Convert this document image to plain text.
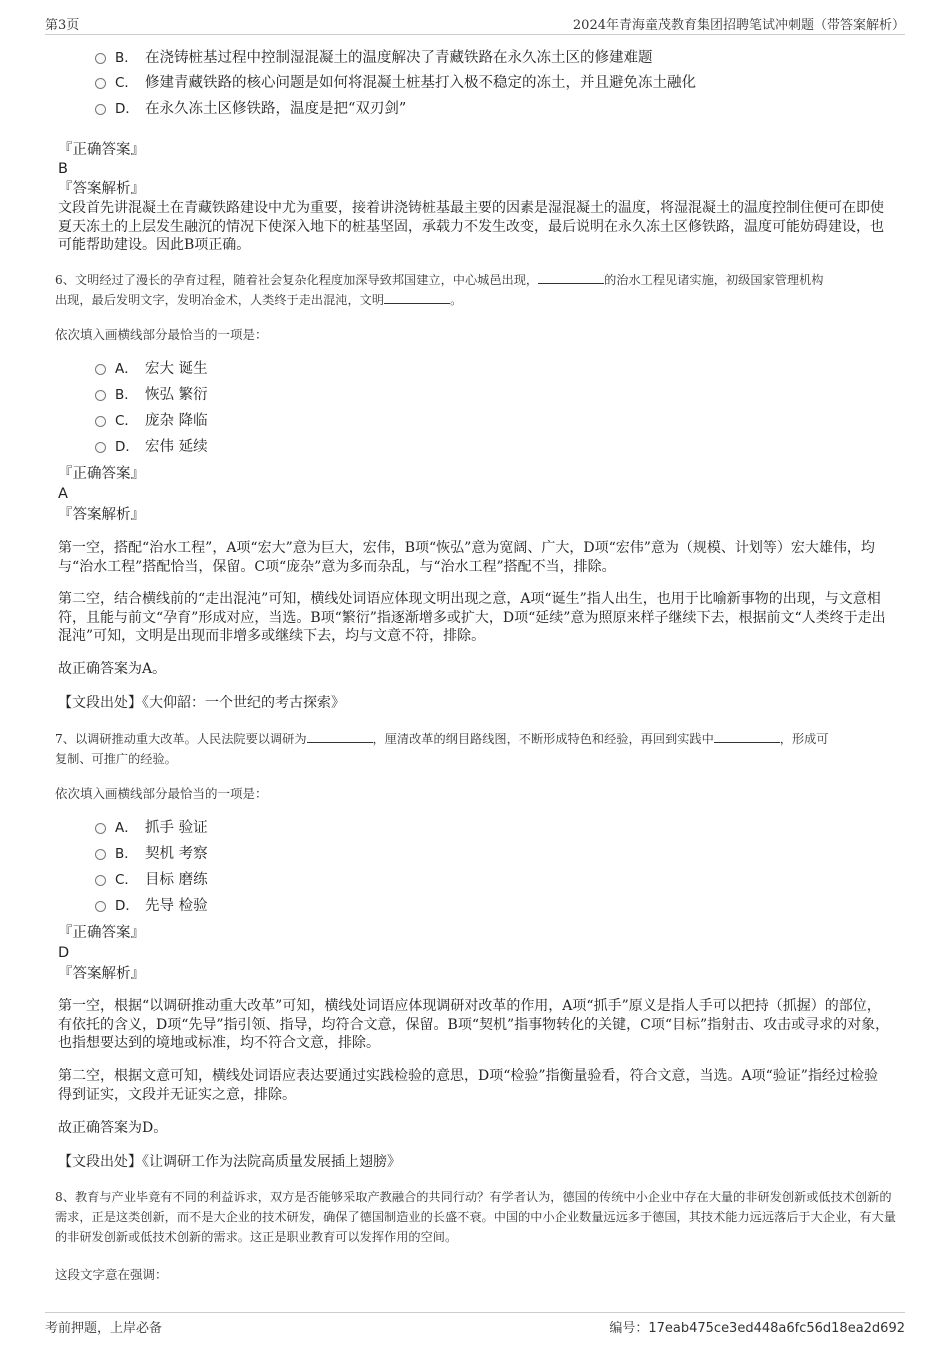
第3页	2024年青海童茂教育集团招聘笔试冲刺题（带答案解析）
B． 在浇铸桩基过程中控制湿混凝土的温度解决了青藏铁路在永久冻土区的修建难题
C． 修建青藏铁路的核心问题是如何将混凝土桩基打入极不稳定的冻土，并且避免冻土融化
D． 在永久冻土区修铁路，温度是把“双刃剑”
『正确答案』
B
『答案解析』
文段首先讲混凝土在青藏铁路建设中尤为重要，接着讲浇铸桩基最主要的因素是湿混凝土的温度，将湿混凝土的温度控制住便可在即使夏天冻土的上层发生融沉的情况下使深入地下的桩基坚固，承载力不发生改变，最后说明在永久冻土区修铁路，温度可能妨碍建设，也可能帮助建设。因此B项正确。
6、文明经过了漫长的孕育过程，随着社会复杂化程度加深导致邦国建立，中心城邑出现，	的治水工程见诸实施，初级国家管理机构
出现，最后发明文字，发明冶金术，人类终于走出混沌，文明	。
依次填入画横线部分最恰当的一项是：
A． 宏大 诞生
B． 恢弘 繁衍
C． 庞杂 降临
D． 宏伟 延续
『正确答案』
A
『答案解析』
第一空，搭配“治水工程”，A项“宏大”意为巨大，宏伟，B项“恢弘”意为宽阔、广大，D项“宏伟”意为（规模、计划等）宏大雄伟，均与“治水工程”搭配恰当，保留。C项“庞杂”意为多而杂乱，与“治水工程”搭配不当，排除。
第二空，结合横线前的“走出混沌”可知，横线处词语应体现文明出现之意，A项“诞生”指人出生，也用于比喻新事物的出现，与文意相符，且能与前文“孕育”形成对应，当选。B项“繁衍”指逐渐增多或扩大，D项“延续”意为照原来样子继续下去，根据前文“人类终于走出混沌”可知，文明是出现而非增多或继续下去，均与文意不符，排除。
故正确答案为A。
【文段出处】《大仰韶：一个世纪的考古探索》
7、以调研推动重大改革。人民法院要以调研为	，厘清改革的纲目路线图，不断形成特色和经验，再回到实践中	，形成可
复制、可推广的经验。
依次填入画横线部分最恰当的一项是：
A． 抓手 验证
B． 契机 考察
C． 目标 磨练
D． 先导 检验
『正确答案』
D
『答案解析』
第一空，根据“以调研推动重大改革”可知，横线处词语应体现调研对改革的作用，A项“抓手”原义是指人手可以把持（抓握）的部位，有依托的含义，D项“先导”指引领、指导，均符合文意，保留。B项“契机”指事物转化的关键，C项“目标”指射击、攻击或寻求的对象，也指想要达到的境地或标准，均不符合文意，排除。
第二空，根据文意可知，横线处词语应表达要通过实践检验的意思，D项“检验”指衡量验看，符合文意，当选。A项“验证”指经过检验得到证实，文段并无证实之意，排除。
故正确答案为D。
【文段出处】《让调研工作为法院高质量发展插上翅膀》
8、教育与产业毕竟有不同的利益诉求，双方是否能够采取产教融合的共同行动？有学者认为，德国的传统中小企业中存在大量的非研发创新或低技术创新的需求，正是这类创新，而不是大企业的技术研发，确保了德国制造业的长盛不衰。中国的中小企业数量远远多于德国，其技术能力远远落后于大企业，有大量的非研发创新或低技术创新的需求。这正是职业教育可以发挥作用的空间。
这段文字意在强调：
考前押题，上岸必备	编号：17eab475ce3ed448a6fc56d18ea2d692
